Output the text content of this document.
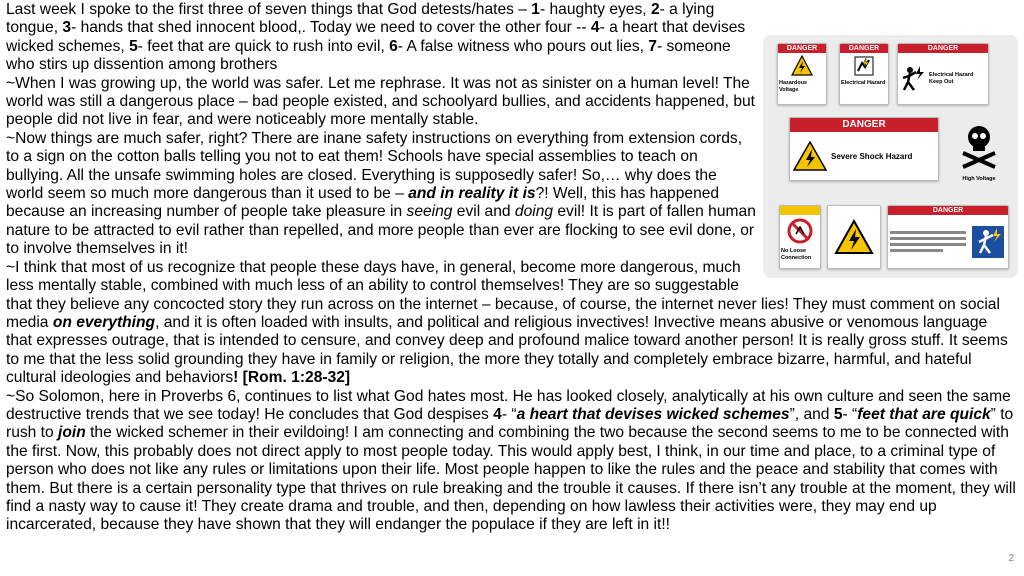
DANGER
Hazardous Voltage
DANGER
Electrical Hazard
DANGER
Electrical Hazard Keep Out
DANGER
Severe Shock Hazard
High Voltage
No Loose Connection
DANGER

Last week I spoke to the first three of seven things that God detests/hates – 1- haughty eyes, 2- a lying tongue, 3- hands that shed innocent blood,. Today we need to cover the other four -- 4- a heart that devises wicked schemes, 5- feet that are quick to rush into evil, 6- A false witness who pours out lies, 7- someone who stirs up dissention among brothers

~When I was growing up, the world was safer. Let me rephrase. It was not as sinister on a human level! The world was still a dangerous place – bad people existed, and schoolyard bullies, and accidents happened, but people did not live in fear, and were noticeably more mentally stable.

~Now things are much safer, right? There are inane safety instructions on everything from extension cords, to a sign on the cotton balls telling you not to eat them! Schools have special assemblies to teach on bullying. All the unsafe swimming holes are closed. Everything is supposedly safer! So,… why does the world seem so much more dangerous than it used to be – and in reality it is?! Well, this has happened because an increasing number of people take pleasure in seeing evil and doing evil! It is part of fallen human nature to be attracted to evil rather than repelled, and more people than ever are flocking to see evil done, or to involve themselves in it!

~I think that most of us recognize that people these days have, in general, become more dangerous, much less mentally stable, combined with much less of an ability to control themselves! They are so suggestable that they believe any concocted story they run across on the internet – because, of course, the internet never lies! They must comment on social media on everything, and it is often loaded with insults, and political and religious invectives! Invective means abusive or venomous language that expresses outrage, that is intended to censure, and convey deep and profound malice toward another person! It is really gross stuff. It seems to me that the less solid grounding they have in family or religion, the more they totally and completely embrace bizarre, harmful, and hateful cultural ideologies and behaviors! [Rom. 1:28-32]

~So Solomon, here in Proverbs 6, continues to list what God hates most. He has looked closely, analytically at his own culture and seen the same destructive trends that we see today! He concludes that God despises 4- “a heart that devises wicked schemes”, and 5- “feet that are quick” to rush to join the wicked schemer in their evildoing! I am connecting and combining the two because the second seems to me to be connected with the first. Now, this probably does not direct apply to most people today. This would apply best, I think, in our time and place, to a criminal type of person who does not like any rules or limitations upon their life. Most people happen to like the rules and the peace and stability that comes with them. But there is a certain personality type that thrives on rule breaking and the trouble it causes. If there isn’t any trouble at the moment, they will find a nasty way to cause it! They create drama and trouble, and then, depending on how lawless their activities were, they may end up incarcerated, because they have shown that they will endanger the populace if they are left in it!!

2
